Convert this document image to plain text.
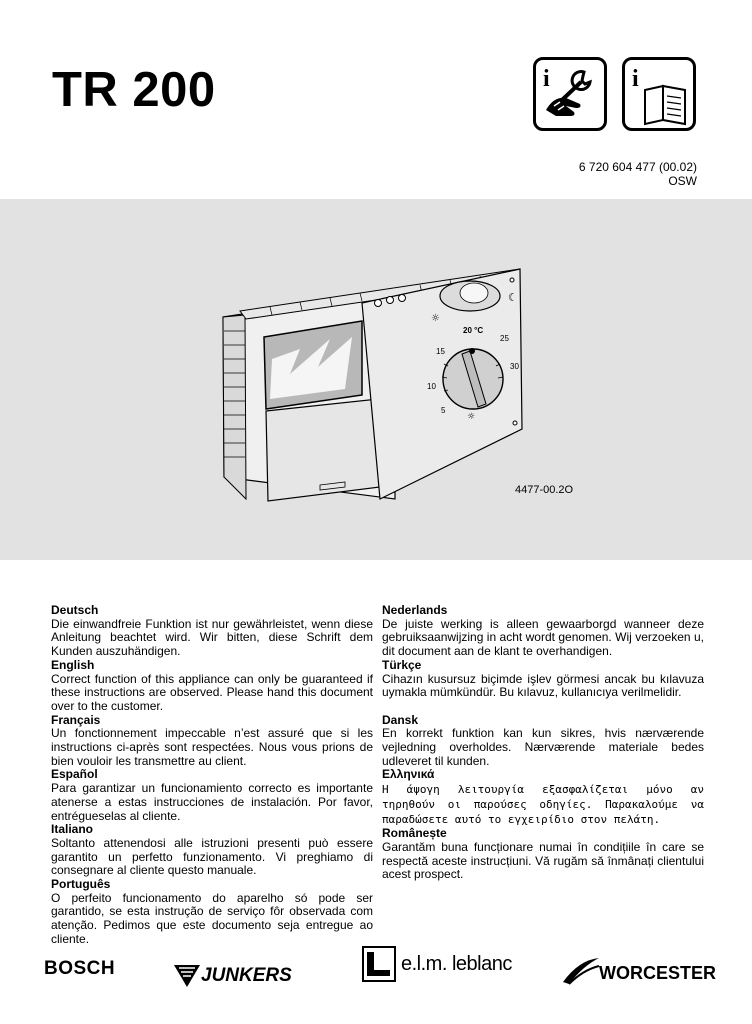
TR 200	i	i
6 720 604 477 (00.02)
OSW
☼
☾
☼
20 °C
25
30
15
10
5
4477-00.2O
Deutsch
Die einwandfreie Funktion ist nur gewährleistet, wenn diese Anleitung beachtet wird. Wir bitten, diese Schrift dem Kunden auszuhändigen.
English
Correct function of this appliance can only be guaranteed if these instructions are observed. Please hand this document over to the customer.
Français
Un fonctionnement impeccable n’est assuré que si les instructions ci-après sont respectées. Nous vous prions de bien vouloir les transmettre au client.
Español
Para garantizar un funcionamiento correcto es importante atenerse a estas instrucciones de instalación. Por favor, entrégueselas al cliente.
Italiano
Soltanto attenendosi alle istruzioni presenti può essere garantito un perfetto funzionamento. Vi preghiamo di consegnare al cliente questo manuale.
Português
O perfeito funcionamento do aparelho só pode ser garantido, se esta instrução de serviço fôr observada com atenção. Pedimos que este documento seja entregue ao cliente.
Nederlands
De juiste werking is alleen gewaarborgd wanneer deze gebruiksaanwijzing in acht wordt genomen. Wij verzoeken u, dit document aan de klant te overhandigen.
Türkçe
Cihazın kusursuz biçimde işlev görmesi ancak bu kılavuza uymakla mümkündür. Bu kılavuz, kullanıcıya verilmelidir.
Dansk
En korrekt funktion kan kun sikres, hvis nærværende vejledning overholdes. Nærværende materiale bedes udleveret til kunden.
Ελληνικά
Η άψογη λειτουργία εξασφαλίζεται μόνο αν τηρηθούν οι παρούσες οδηγίες. Παρακαλούμε να παραδώσετε αυτό το εγχειρίδιο στον πελάτη.
Românește
Garantăm buna funcționare numai în condițiile în care se respectă aceste instrucțiuni. Vă rugăm să înmânați clientului acest prospect.
BOSCH	JUNKERS
e.l.m. leblanc	WORCESTER
